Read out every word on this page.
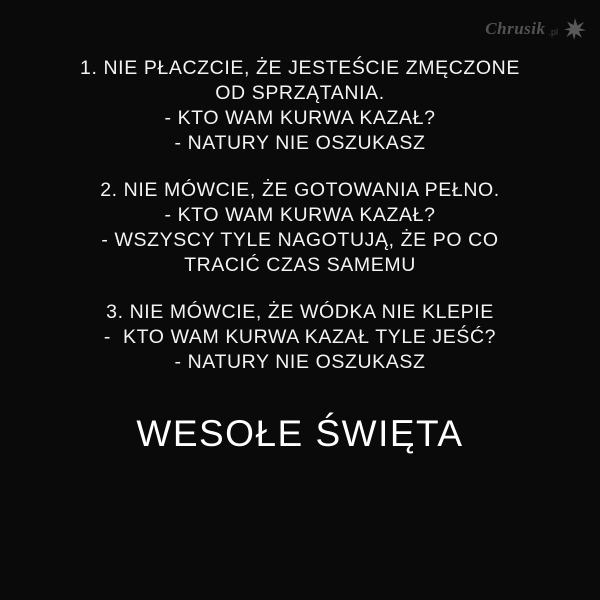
Chrusik .pl
1. NIE PŁACZCIE, ŻE JESTEŚCIE ZMĘCZONE
OD SPRZĄTANIA.
- KTO WAM KURWA KAZAŁ?
- NATURY NIE OSZUKASZ
2. NIE MÓWCIE, ŻE GOTOWANIA PEŁNO.
- KTO WAM KURWA KAZAŁ?
- WSZYSCY TYLE NAGOTUJĄ, ŻE PO CO
TRACIĆ CZAS SAMEMU
3. NIE MÓWCIE, ŻE WÓDKA NIE KLEPIE
-  KTO WAM KURWA KAZAŁ TYLE JEŚĆ?
- NATURY NIE OSZUKASZ
WESOŁE ŚWIĘTA
